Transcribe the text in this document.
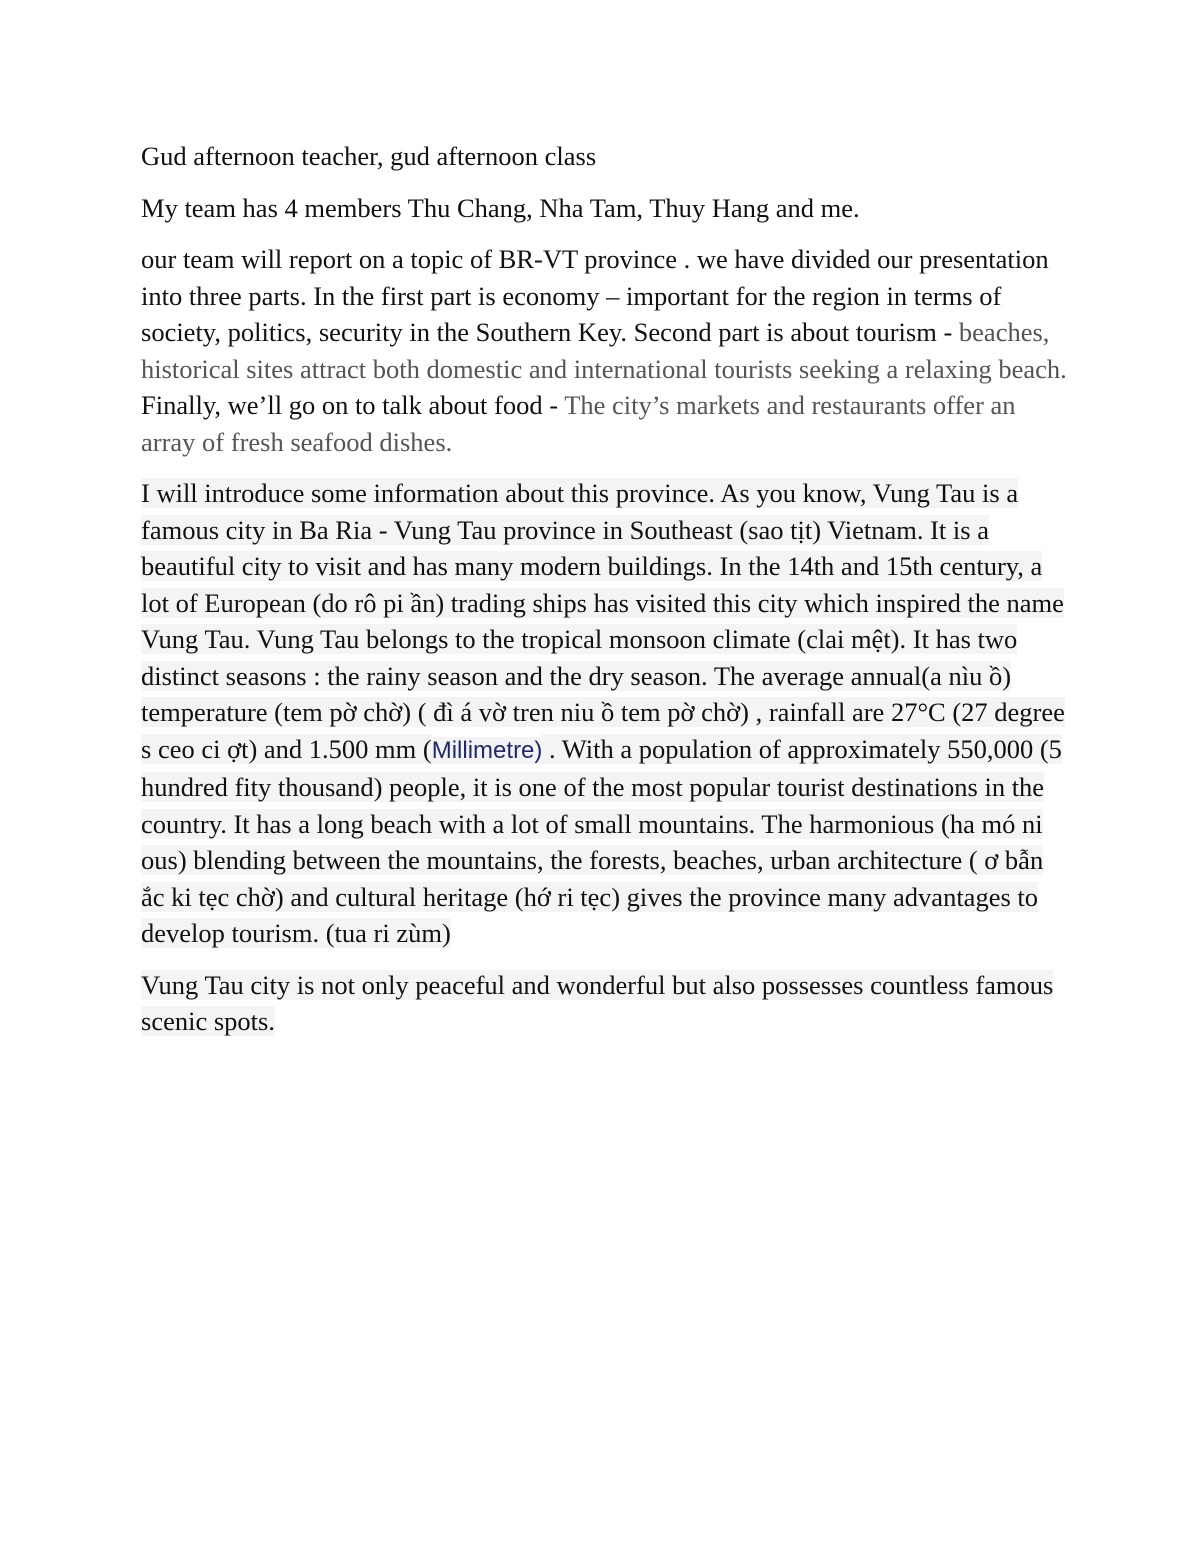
Gud afternoon teacher, gud afternoon class

My team has 4 members Thu Chang, Nha Tam, Thuy Hang and me.

our team will report on a topic of BR-VT province . we have divided our presentation into three parts. In the first part is economy – important for the region in terms of society, politics, security in the Southern Key. Second part is about tourism - beaches, historical sites attract both domestic and international tourists seeking a relaxing beach. Finally, we’ll go on to talk about food - The city’s markets and restaurants offer an array of fresh seafood dishes.

I will introduce some information about this province. As you know, Vung Tau is a famous city in Ba Ria - Vung Tau province in Southeast (sao tịt) Vietnam. It is a beautiful city to visit and has many modern buildings. In the 14th and 15th century, a lot of European (do rô pi ần) trading ships has visited this city which inspired the name Vung Tau. Vung Tau belongs to the tropical monsoon climate (clai mệt). It has two distinct seasons : the rainy season and the dry season. The average annual(a nìu ồ) temperature (tem pờ chờ) ( đì á vờ tren niu ồ tem pờ chờ) , rainfall are 27°C (27 degree s ceo ci ợt) and 1.500 mm (Millimetre) . With a population of approximately 550,000 (5 hundred fity thousand) people, it is one of the most popular tourist destinations in the country. It has a long beach with a lot of small mountains. The harmonious (ha mó ni ous) blending between the mountains, the forests, beaches, urban architecture ( ơ bẫn ắc ki tẹc chờ) and cultural heritage (hớ ri tẹc) gives the province many advantages to develop tourism. (tua ri zùm)

Vung Tau city is not only peaceful and wonderful but also possesses countless famous scenic spots.
